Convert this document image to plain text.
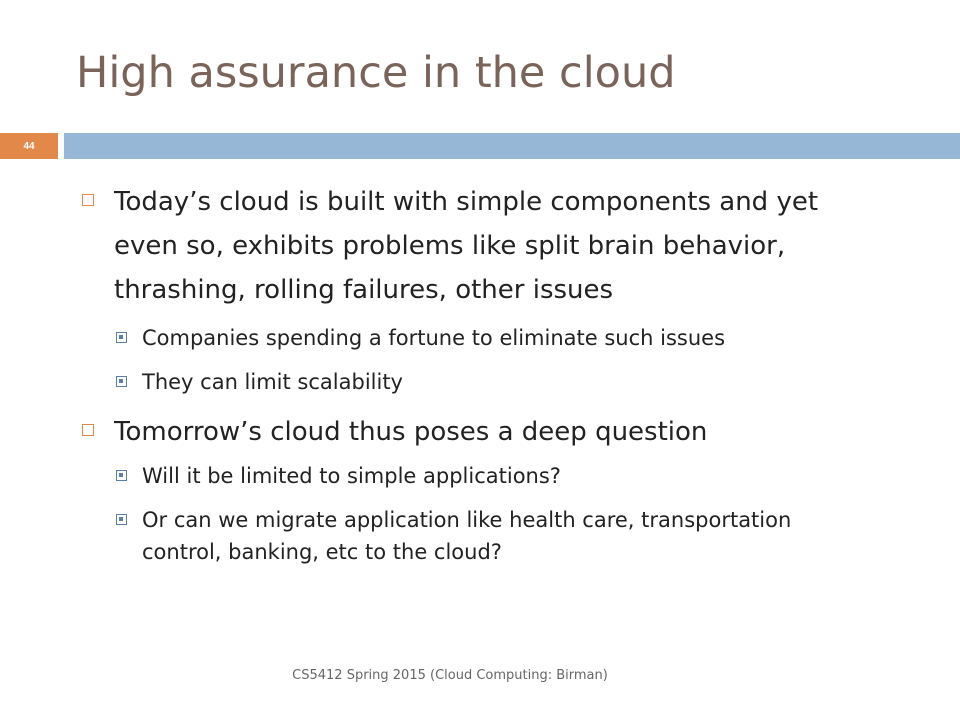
High assurance in the cloud
44
Today’s cloud is built with simple components and yet even so, exhibits problems like split brain behavior, thrashing, rolling failures, other issues
Companies spending a fortune to eliminate such issues
They can limit scalability
Tomorrow’s cloud thus poses a deep question
Will it be limited to simple applications?
Or can we migrate application like health care, transportation control, banking, etc to the cloud?
CS5412 Spring 2015 (Cloud Computing: Birman)
